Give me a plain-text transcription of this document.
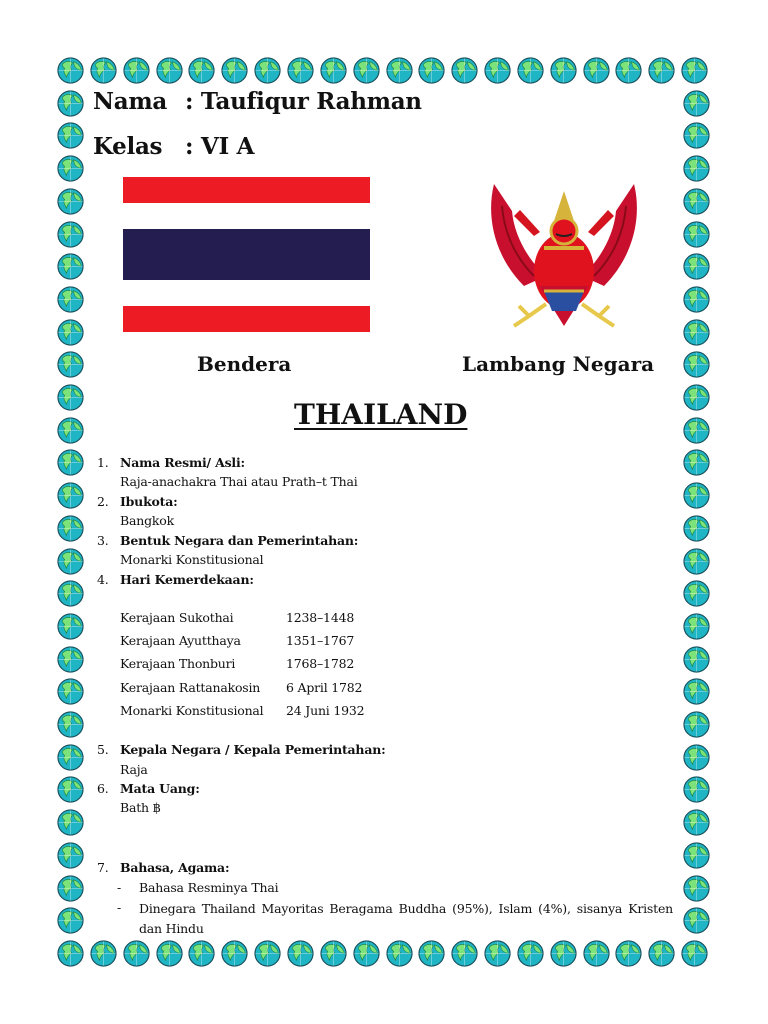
Nama : Taufiqur Rahman
Kelas : VI A
Bendera	Lambang Negara
THAILAND
1. Nama Resmi/ Asli:
Raja-anachakra Thai atau Prath–t Thai
2. Ibukota:
Bangkok
3. Bentuk Negara dan Pemerintahan:
Monarki Konstitusional
4. Hari Kemerdekaan:
Kerajaan Sukothai	1238–1448
Kerajaan Ayutthaya	1351–1767
Kerajaan Thonburi	1768–1782
Kerajaan Rattanakosin 6 April 1782
Monarki Konstitusional 24 Juni 1932
5. Kepala Negara / Kepala Pemerintahan:
Raja
6. Mata Uang:
Bath ฿
7. Bahasa, Agama:
- Bahasa Resminya Thai
- Dinegara Thailand Mayoritas Beragama Buddha (95%), Islam (4%), sisanya Kristen dan Hindu
